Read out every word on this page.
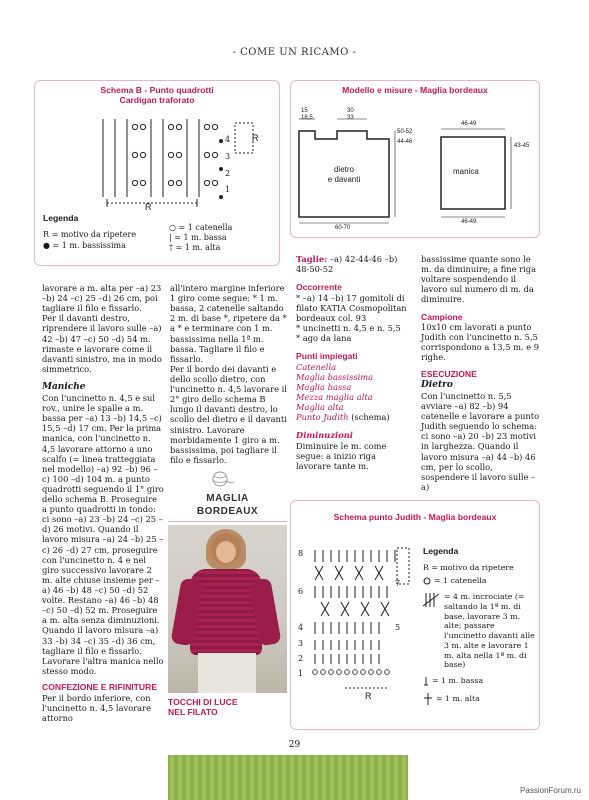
- COME UN RICAMO -
Schema B - Punto quadrotti
Cardigan traforato
4
3
2
1
R
R
Legenda
R = motivo da ripetere
● = 1 m. bassissima
○ = 1 catenella
| = 1 m. bassa
† = 1 m. alta

lavorare a m. alta per –a) 23 –b) 24 –c) 25 –d) 26 cm, poi tagliare il filo e fissarlo.

Per il davanti destro, riprendere il lavoro sulle –a) 42 –b) 47 –c) 50 –d) 54 m. rimaste e lavorare come il davanti sinistro, ma in modo simmetrico.

Maniche

Con l'uncinetto n. 4,5 e sul rov., unire le spalle a m. bassa per –a) 13 –b) 14,5 –c) 15,5 –d) 17 cm. Per la prima manica, con l'uncinetto n. 4,5 lavorare attorno a uno scalfo (= linea tratteggiata nel modello) –a) 92 –b) 96 –c) 100 –d) 104 m. a punto quadrotti seguendo il 1° giro dello schema B. Proseguire a punto quadrotti in tondo: ci sono –a) 23 –b) 24 –c) 25 –d) 26 motivi. Quando il lavoro misura –a) 24 –b) 25 –c) 26 –d) 27 cm, proseguire con l'uncinetto n. 4 e nel giro successivo lavorare 2 m. alte chiuse insieme per –a) 46 –b) 48 –c) 50 –d) 52 volte. Restano –a) 46 –b) 48 –c) 50 –d) 52 m. Proseguire a m. alta senza diminuzioni. Quando il lavoro misura –a) 33 –b) 34 –c) 35 –d) 36 cm, tagliare il filo e fissarlo.

Lavorare l'altra manica nello stesso modo.

CONFEZIONE E RIFINITURE

Per il bordo inferiore, con l'uncinetto n. 4,5 lavorare attorno

all'intero margine inferiore 1 giro come segue: * 1 m. bassa, 2 catenelle saltando 2 m. di base *, ripetere da * a * e terminare con 1 m. bassissima nella 1ª m. bassa. Tagliare il filo e fissarlo.

Per il bordo dei davanti e dello scollo dietro, con l'uncinetto n. 4,5 lavorare il 2° giro dello schema B lungo il davanti destro, lo scollo del dietro e il davanti sinistro. Lavorare morbidamente 1 giro a m. bassissima, poi tagliare il filo e fissarlo.

MAGLIA
BORDEAUX
TOCCHI DI LUCE
NEL FILATO
Modello e misure - Maglia bordeaux
15
18,5
30
33
50-52
44-46
60-70
46-49
43-45
46-49
dietro
e davanti
manica

Taglie: –a) 42-44-46 –b) 48-50-52

Occorrente

* –a) 14 –b) 17 gomitoli di filato KATIA Cosmopolitan bordeaux col. 93

* uncinetti n. 4,5 e n. 5,5

* ago da lana

Punti impiegati

Catenella

Maglia bassissima

Maglia bassa

Mezza maglia alta

Maglia alta

Punto Judith (schema)

Diminuzioni

Diminuire le m. come segue: a inizio riga lavorare tante m.

bassissime quante sono le m. da diminuire; a fine riga voltare sospendendo il lavoro sul numero di m. da diminuire.

Campione

10x10 cm lavorati a punto Judith con l'uncinetto n. 5,5 corrispondono a 13,5 m. e 9 righe.

ESECUZIONE

Dietro

Con l'uncinetto n. 5,5 avviare –a) 82 –b) 94 catenelle e lavorare a punto Judith seguendo lo schema: ci sono –a) 20 –b) 23 motivi in larghezza. Quando il lavoro misura –a) 44 –b) 46 cm, per lo scollo, sospendere il lavoro sulle –a)

Schema punto Judith - Maglia bordeaux
8
6
4
3
2
1
7
5
R
Legenda
R = motivo da ripetere
= 1 catenella
= 4 m. incrociate (= saltando la 1ª m. di base, lavorare 3 m. alte; passare l'uncinetto davanti alle 3 m. alte e lavorare 1 m. alta nella 1ª m. di base)
= 1 m. bassa
= 1 m. alta
29
PassionForum.ru
